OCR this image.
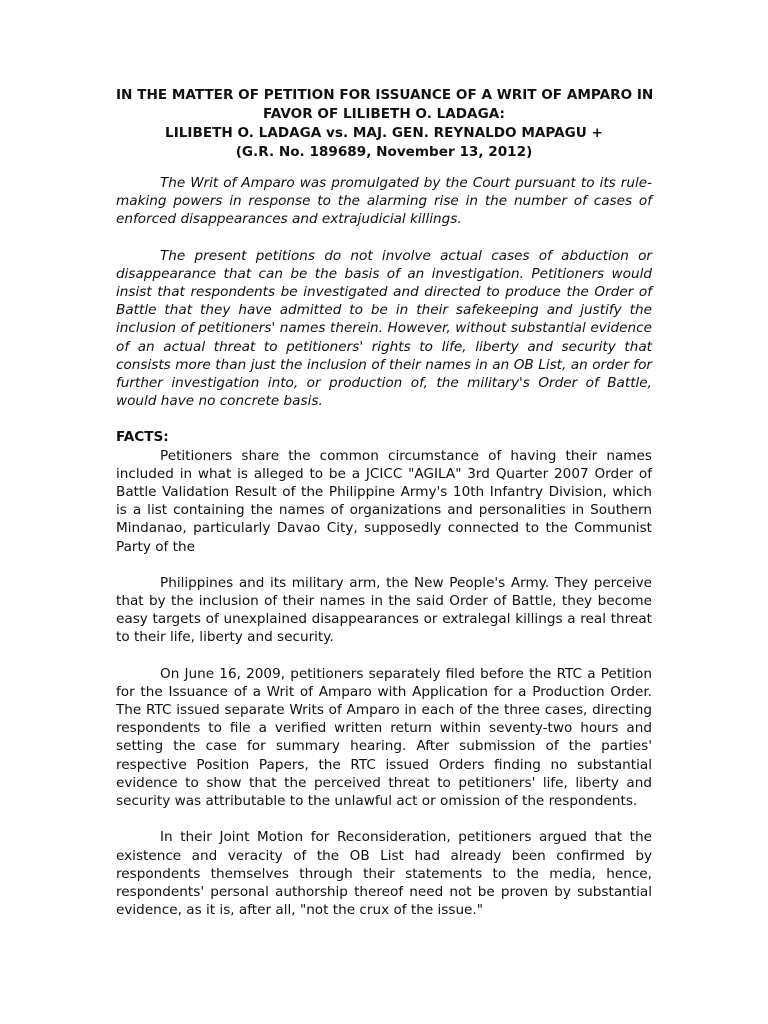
IN THE MATTER OF PETITION FOR ISSUANCE OF A WRIT OF AMPARO IN
FAVOR OF LILIBETH O. LADAGA:
LILIBETH O. LADAGA vs. MAJ. GEN. REYNALDO MAPAGU +
(G.R. No. 189689, November 13, 2012)

The Writ of Amparo was promulgated by the Court pursuant to its rule-making powers in response to the alarming rise in the number of cases of enforced disappearances and extrajudicial killings.

The present petitions do not involve actual cases of abduction or disappearance that can be the basis of an investigation. Petitioners would insist that respondents be investigated and directed to produce the Order of Battle that they have admitted to be in their safekeeping and justify the inclusion of petitioners' names therein. However, without substantial evidence of an actual threat to petitioners' rights to life, liberty and security that consists more than just the inclusion of their names in an OB List, an order for further investigation into, or production of, the military's Order of Battle, would have no concrete basis.

FACTS:

Petitioners share the common circumstance of having their names included in what is alleged to be a JCICC "AGILA" 3rd Quarter 2007 Order of Battle Validation Result of the Philippine Army's 10th Infantry Division, which is a list containing the names of organizations and personalities in Southern Mindanao, particularly Davao City, supposedly connected to the Communist Party of the

Philippines and its military arm, the New People's Army. They perceive that by the inclusion of their names in the said Order of Battle, they become easy targets of unexplained disappearances or extralegal killings a real threat to their life, liberty and security.

On June 16, 2009, petitioners separately filed before the RTC a Petition for the Issuance of a Writ of Amparo with Application for a Production Order. The RTC issued separate Writs of Amparo in each of the three cases, directing respondents to file a verified written return within seventy-two hours and setting the case for summary hearing. After submission of the parties' respective Position Papers, the RTC issued Orders finding no substantial evidence to show that the perceived threat to petitioners' life, liberty and security was attributable to the unlawful act or omission of the respondents.

In their Joint Motion for Reconsideration, petitioners argued that the existence and veracity of the OB List had already been confirmed by respondents themselves through their statements to the media, hence, respondents' personal authorship thereof need not be proven by substantial evidence, as it is, after all, "not the crux of the issue."
